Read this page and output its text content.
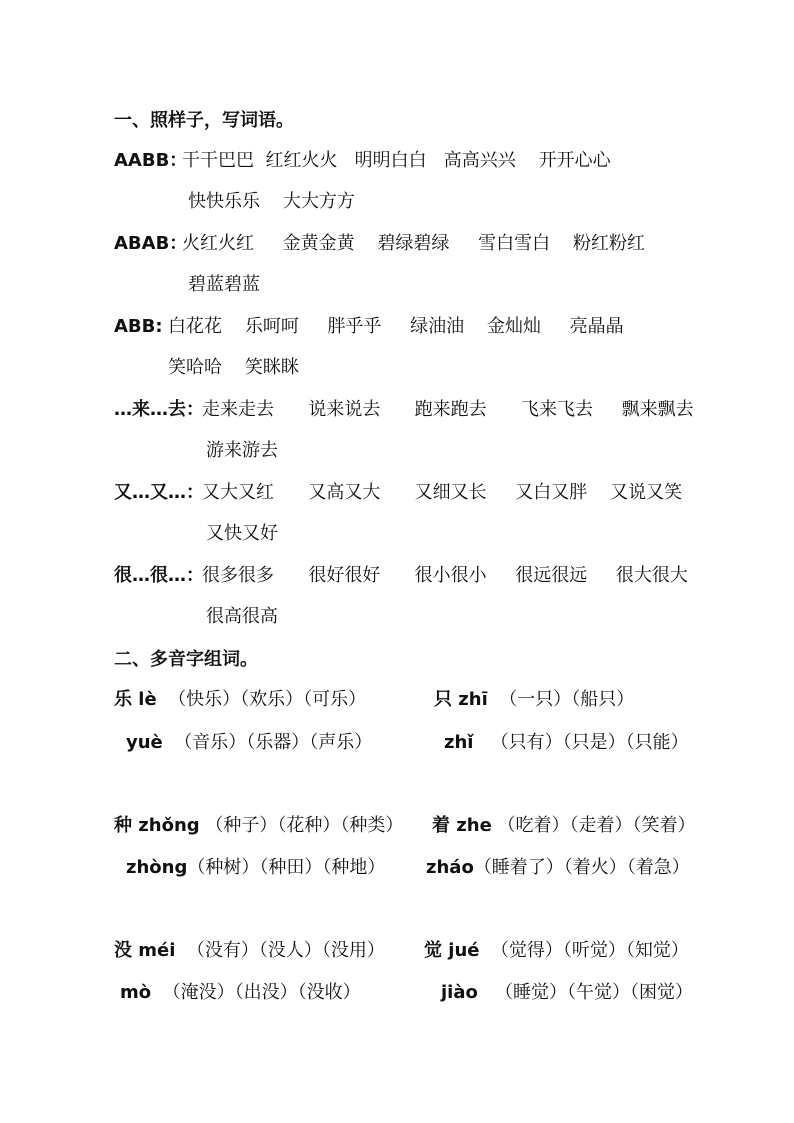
一、照样子，写词语。
AABB：
干干巴巴  红红火火   明明白白   高高兴兴    开开心心
快快乐乐    大大方方
ABAB：
火红火红     金黄金黄    碧绿碧绿     雪白雪白    粉红粉红
碧蓝碧蓝
ABB: 白花花    乐呵呵     胖乎乎     绿油油    金灿灿     亮晶晶
笑哈哈    笑眯眯
…来…去：
走来走去      说来说去      跑来跑去      飞来飞去     飘来飘去
游来游去
又…又…：
又大又红      又高又大      又细又长     又白又胖    又说又笑
又快又好
很…很…：
很多很多      很好很好      很小很小     很远很远     很大很大
很高很高
二、多音字组词。
乐 lè  （快乐）（欢乐）（可乐）	只 zhī  （一只）（船只）
yuè  （音乐）（乐器）（声乐）	zhǐ   （只有）（只是）（只能）
种 zhǒng （种子）（花种）（种类） 着 zhe （吃着）（走着）（笑着）
zhòng（种树）（种田）（种地） zháo（睡着了）（着火）（着急）
没 méi  （没有）（没人）（没用） 觉 jué  （觉得）（听觉）（知觉）
mò  （淹没）（出没）（没收）	jiào   （睡觉）（午觉）（困觉）
